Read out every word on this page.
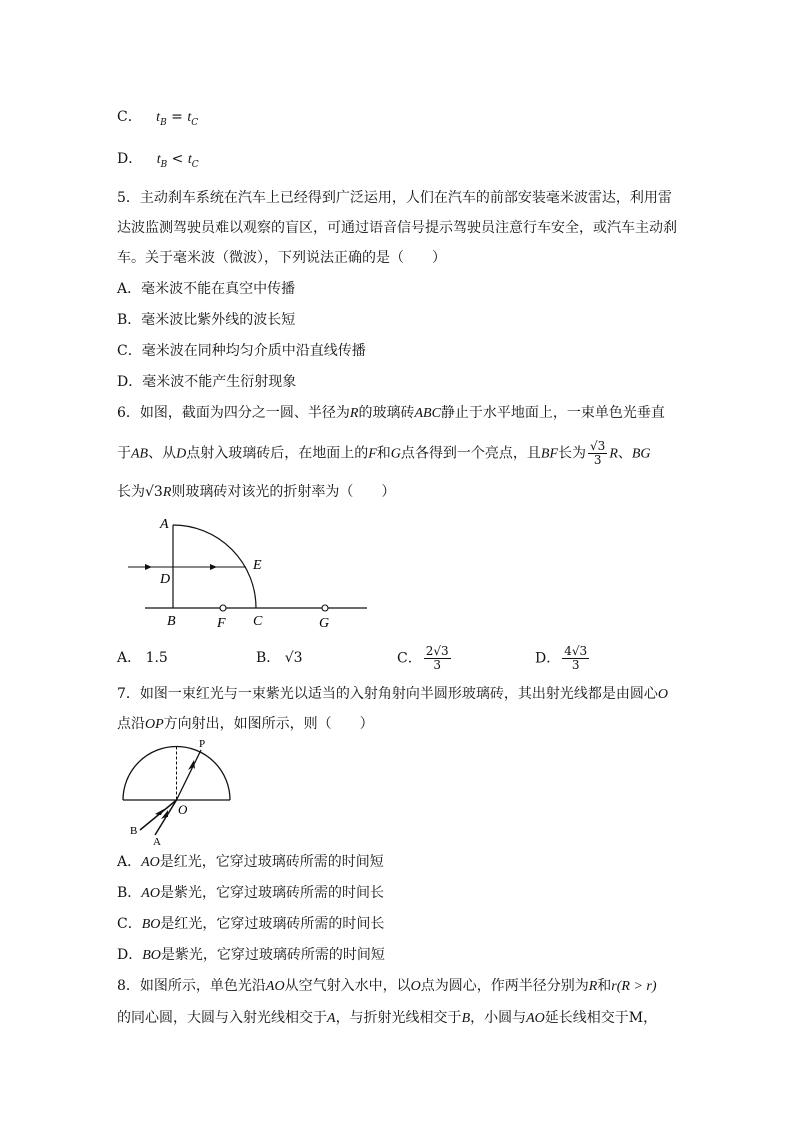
C． $t_B = t_C$
D． $t_B < t_C$
5．主动刹车系统在汽车上已经得到广泛运用，人们在汽车的前部安装毫米波雷达，利用雷
达波监测驾驶员难以观察的盲区，可通过语音信号提示驾驶员注意行车安全，或汽车主动刹
车。关于毫米波（微波），下列说法正确的是（　　）
A．毫米波不能在真空中传播
B．毫米波比紫外线的波长短
C．毫米波在同种均匀介质中沿直线传播
D．毫米波不能产生衍射现象
6．如图，截面为四分之一圆、半径为R的玻璃砖ABC静止于水平地面上，一束单色光垂直
于AB、从D点射入玻璃砖后，在地面上的F和G点各得到一个亮点，且BF长为 $\frac{√3}{3}$ R、BG
长为√3R则玻璃砖对该光的折射率为（　　）
A
D
E
B	F C	G
A． 1.5	B． √3	C． $\frac{2√3}{3}$	D． $\frac{4√3}{3}$
7．如图一束红光与一束紫光以适当的入射角射向半圆形玻璃砖，其出射光线都是由圆心O
点沿OP方向射出，如图所示，则（　　）
P
O
B
A
A．AO是红光，它穿过玻璃砖所需的时间短
B．AO是紫光，它穿过玻璃砖所需的时间长
C．BO是红光，它穿过玻璃砖所需的时间长
D．BO是紫光，它穿过玻璃砖所需的时间短
8．如图所示，单色光沿AO从空气射入水中，以O点为圆心，作两半径分别为R和r(R > r)
的同心圆，大圆与入射光线相交于A，与折射光线相交于B，小圆与AO延长线相交于M，
